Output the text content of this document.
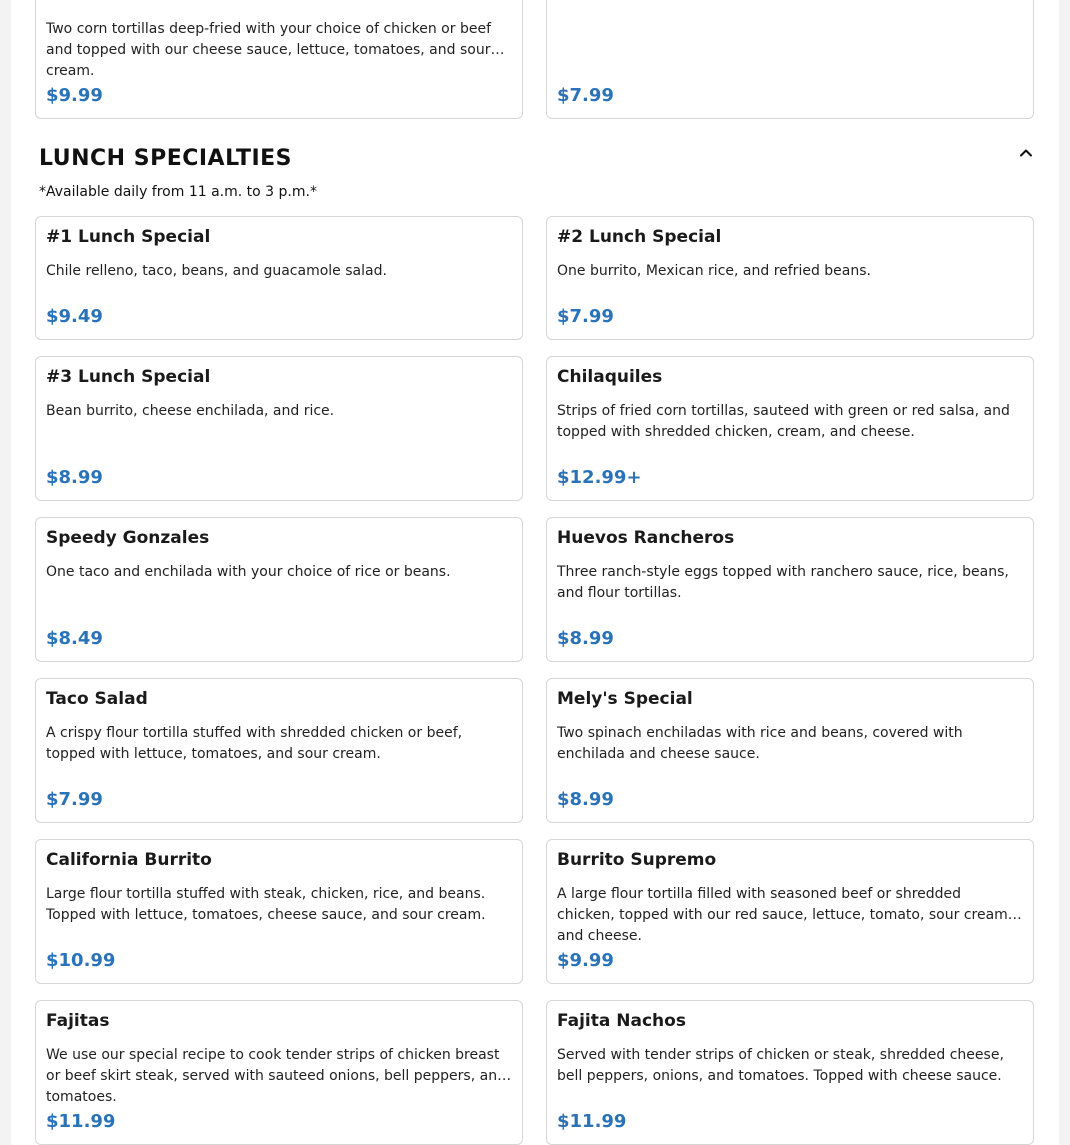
Two corn tortillas deep-fried with your choice of chicken or beef and topped with our cheese sauce, lettuce, tomatoes, and sour cream.
$9.99	$7.99
LUNCH SPECIALTIES
*Available daily from 11 a.m. to 3 p.m.*
#1 Lunch Special
Chile relleno, taco, beans, and guacamole salad.
$9.49
#2 Lunch Special
One burrito, Mexican rice, and refried beans.
$7.99
#3 Lunch Special
Bean burrito, cheese enchilada, and rice.
$8.99
Chilaquiles
Strips of fried corn tortillas, sauteed with green or red salsa, and topped with shredded chicken, cream, and cheese.
$12.99+
Speedy Gonzales
One taco and enchilada with your choice of rice or beans.
$8.49
Huevos Rancheros
Three ranch-style eggs topped with ranchero sauce, rice, beans, and flour tortillas.
$8.99
Taco Salad
A crispy flour tortilla stuffed with shredded chicken or beef, topped with lettuce, tomatoes, and sour cream.
$7.99
Mely's Special
Two spinach enchiladas with rice and beans, covered with enchilada and cheese sauce.
$8.99
California Burrito
Large flour tortilla stuffed with steak, chicken, rice, and beans. Topped with lettuce, tomatoes, cheese sauce, and sour cream.
$10.99
Burrito Supremo
A large flour tortilla filled with seasoned beef or shredded chicken, topped with our red sauce, lettuce, tomato, sour cream, and cheese.
$9.99
Fajitas
We use our special recipe to cook tender strips of chicken breast or beef skirt steak, served with sauteed onions, bell peppers, and tomatoes.
$11.99
Fajita Nachos
Served with tender strips of chicken or steak, shredded cheese, bell peppers, onions, and tomatoes. Topped with cheese sauce.
$11.99
